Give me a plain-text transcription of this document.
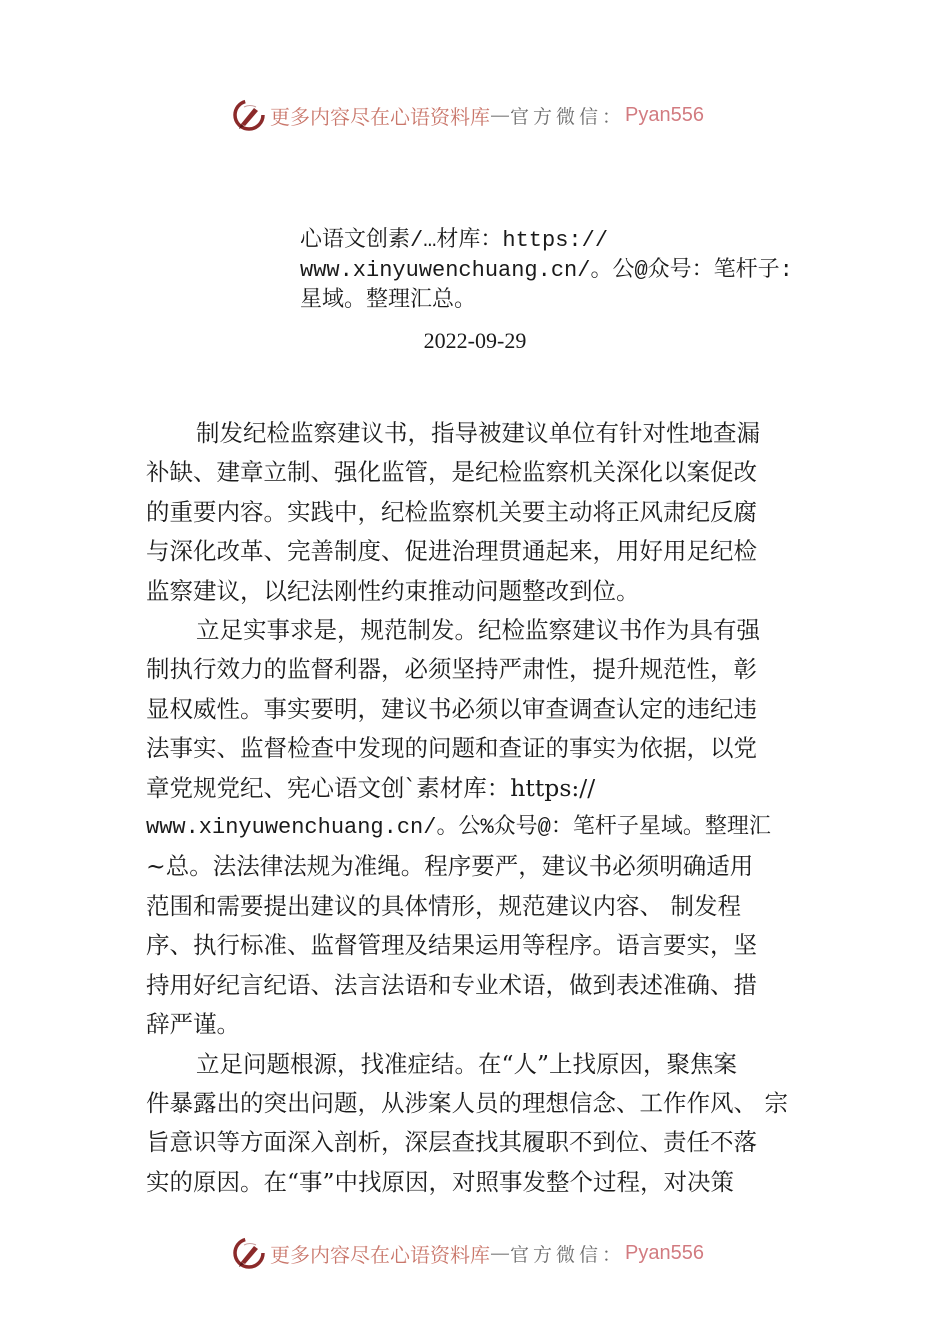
更多内容尽在心语资料库 — 官方微信： Pyan556
心语文创素/…材库：https://
www.xinyuwenchuang.cn/。公@众号：笔杆子:
星域。整理汇总。
2022-09-29
制发纪检监察建议书，指导被建议单位有针对性地查漏
补缺、建章立制、强化监管，是纪检监察机关深化以案促改
的重要内容。实践中，纪检监察机关要主动将正风肃纪反腐
与深化改革、完善制度、促进治理贯通起来，用好用足纪检
监察建议，以纪法刚性约束推动问题整改到位。
立足实事求是，规范制发。纪检监察建议书作为具有强
制执行效力的监督利器，必须坚持严肃性，提升规范性，彰
显权威性。事实要明，建议书必须以审查调查认定的违纪违
法事实、监督检查中发现的问题和查证的事实为依据，以党
章党规党纪、宪心语文创`素材库：https://
www.xinyuwenchuang.cn/。公%众号@：笔杆子星域。整理汇
~总。法法律法规为准绳。程序要严，建议书必须明确适用
范围和需要提出建议的具体情形，规范建议内容、 制发程
序、执行标准、监督管理及结果运用等程序。语言要实，坚
持用好纪言纪语、法言法语和专业术语，做到表述准确、措
辞严谨。
立足问题根源，找准症结。在“人”上找原因，聚焦案
件暴露出的突出问题，从涉案人员的理想信念、工作作风、 宗
旨意识等方面深入剖析，深层查找其履职不到位、责任不落
实的原因。在“事”中找原因，对照事发整个过程，对决策
更多内容尽在心语资料库 — 官方微信： Pyan556
